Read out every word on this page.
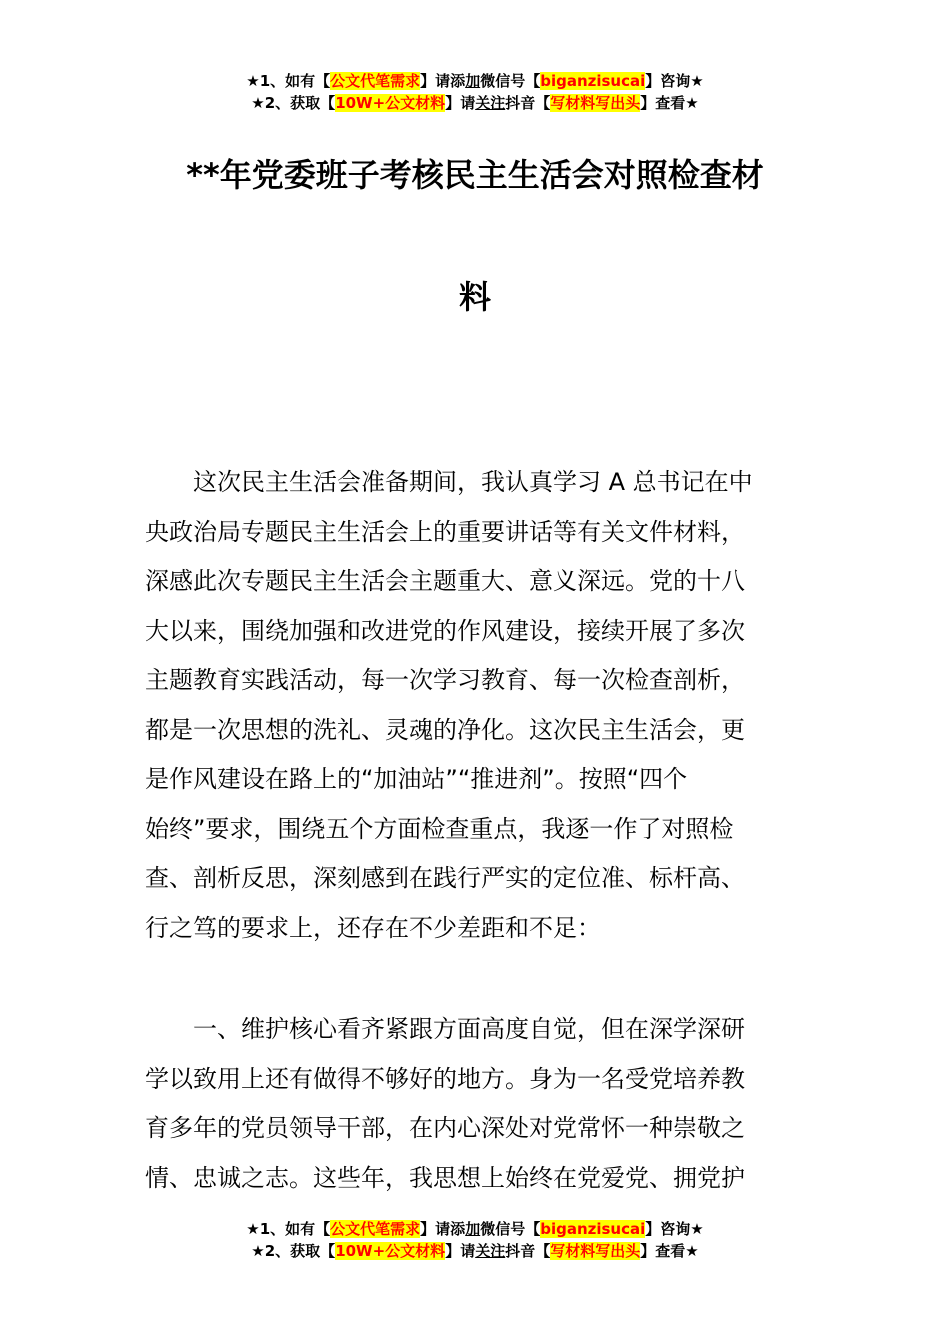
★1、如有【公文代笔需求】请添加微信号【biganzisucai】咨询★
★2、获取【10W+公文材料】请关注抖音【写材料写出头】查看★
**年党委班子考核民主生活会对照检查材
料
　　这次民主生活会准备期间，我认真学习 A 总书记在中
央政治局专题民主生活会上的重要讲话等有关文件材料，
深感此次专题民主生活会主题重大、意义深远。党的十八
大以来，围绕加强和改进党的作风建设，接续开展了多次
主题教育实践活动，每一次学习教育、每一次检查剖析，
都是一次思想的洗礼、灵魂的净化。这次民主生活会，更
是作风建设在路上的“加油站”“推进剂”。按照“四个
始终”要求，围绕五个方面检查重点，我逐一作了对照检
查、剖析反思，深刻感到在践行严实的定位准、标杆高、
行之笃的要求上，还存在不少差距和不足：
　　一、维护核心看齐紧跟方面高度自觉，但在深学深研
学以致用上还有做得不够好的地方。身为一名受党培养教
育多年的党员领导干部，在内心深处对党常怀一种崇敬之
情、忠诚之志。这些年，我思想上始终在党爱党、拥党护
★1、如有【公文代笔需求】请添加微信号【biganzisucai】咨询★
★2、获取【10W+公文材料】请关注抖音【写材料写出头】查看★
